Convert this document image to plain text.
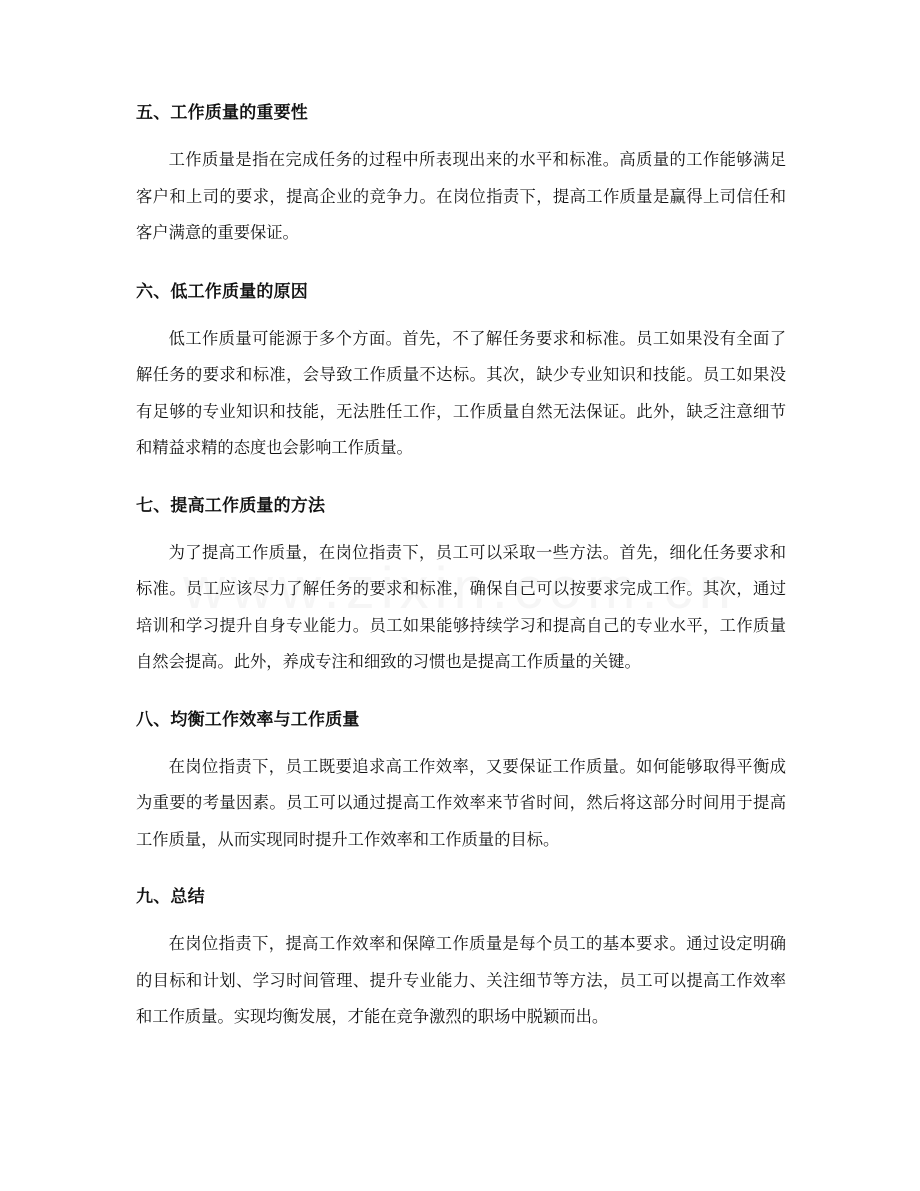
五、工作质量的重要性

工作质量是指在完成任务的过程中所表现出来的水平和标准。高质量的工作能够满足客户和上司的要求，提高企业的竞争力。在岗位指责下，提高工作质量是赢得上司信任和客户满意的重要保证。

六、低工作质量的原因

低工作质量可能源于多个方面。首先，不了解任务要求和标准。员工如果没有全面了解任务的要求和标准，会导致工作质量不达标。其次，缺少专业知识和技能。员工如果没有足够的专业知识和技能，无法胜任工作，工作质量自然无法保证。此外，缺乏注意细节和精益求精的态度也会影响工作质量。

七、提高工作质量的方法

为了提高工作质量，在岗位指责下，员工可以采取一些方法。首先，细化任务要求和标准。员工应该尽力了解任务的要求和标准，确保自己可以按要求完成工作。其次，通过培训和学习提升自身专业能力。员工如果能够持续学习和提高自己的专业水平，工作质量自然会提高。此外，养成专注和细致的习惯也是提高工作质量的关键。

八、均衡工作效率与工作质量

在岗位指责下，员工既要追求高工作效率，又要保证工作质量。如何能够取得平衡成为重要的考量因素。员工可以通过提高工作效率来节省时间，然后将这部分时间用于提高工作质量，从而实现同时提升工作效率和工作质量的目标。

九、总结

在岗位指责下，提高工作效率和保障工作质量是每个员工的基本要求。通过设定明确的目标和计划、学习时间管理、提升专业能力、关注细节等方法，员工可以提高工作效率和工作质量。实现均衡发展，才能在竞争激烈的职场中脱颖而出。
